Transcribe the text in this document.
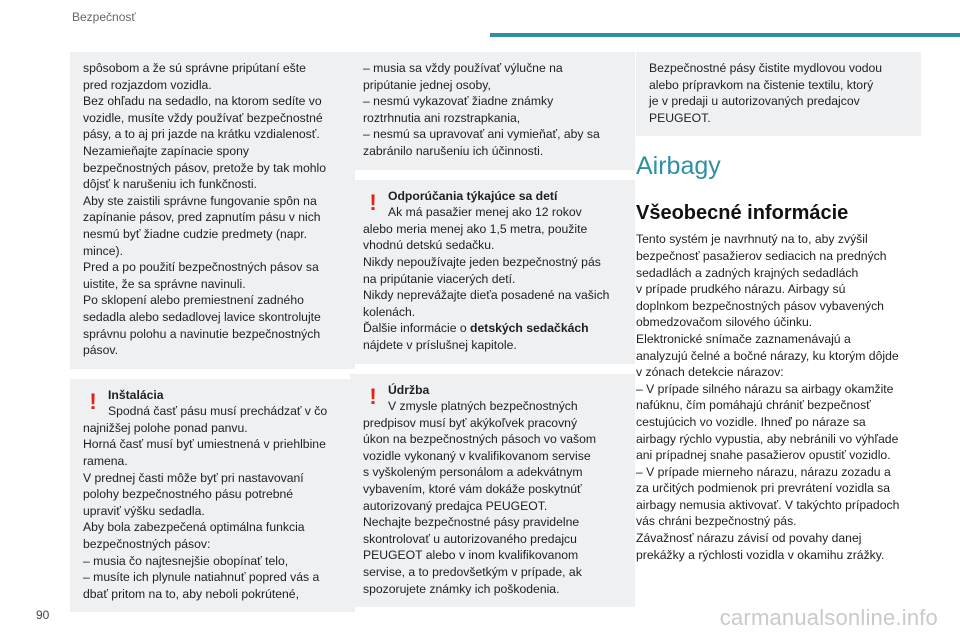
Bezpečnosť
spôsobom a že sú správne pripútaní ešte
pred rozjazdom vozidla.
Bez ohľadu na sedadlo, na ktorom sedíte vo
vozidle, musíte vždy používať bezpečnostné
pásy, a to aj pri jazde na krátku vzdialenosť.
Nezamieňajte zapínacie spony
bezpečnostných pásov, pretože by tak mohlo
dôjsť k narušeniu ich funkčnosti.
Aby ste zaistili správne fungovanie spôn na
zapínanie pásov, pred zapnutím pásu v nich
nesmú byť žiadne cudzie predmety (napr.
mince).
Pred a po použití bezpečnostných pásov sa
uistite, že sa správne navinuli.
Po sklopení alebo premiestnení zadného
sedadla alebo sedadlovej lavice skontrolujte
správnu polohu a navinutie bezpečnostných
pásov.
! Inštalácia
Spodná časť pásu musí prechádzať v čo
najnižšej polohe ponad panvu.
Horná časť musí byť umiestnená v priehlbine
ramena.
V prednej časti môže byť pri nastavovaní
polohy bezpečnostného pásu potrebné
upraviť výšku sedadla.
Aby bola zabezpečená optimálna funkcia
bezpečnostných pásov:
– musia čo najtesnejšie obopínať telo,
– musíte ich plynule natiahnuť popred vás a
dbať pritom na to, aby neboli pokrútené,
– musia sa vždy používať výlučne na
pripútanie jednej osoby,
– nesmú vykazovať žiadne známky
roztrhnutia ani rozstrapkania,
– nesmú sa upravovať ani vymieňať, aby sa
zabránilo narušeniu ich účinnosti.
! Odporúčania týkajúce sa detí
Ak má pasažier menej ako 12 rokov
alebo meria menej ako 1,5 metra, použite
vhodnú detskú sedačku.
Nikdy nepoužívajte jeden bezpečnostný pás
na pripútanie viacerých detí.
Nikdy neprevážajte dieťa posadené na vašich
kolenách.
Ďalšie informácie o detských sedačkách
nájdete v príslušnej kapitole.
! Údržba
V zmysle platných bezpečnostných
predpisov musí byť akýkoľvek pracovný
úkon na bezpečnostných pásoch vo vašom
vozidle vykonaný v kvalifikovanom servise
s vyškoleným personálom a adekvátnym
vybavením, ktoré vám dokáže poskytnúť
autorizovaný predajca PEUGEOT.
Nechajte bezpečnostné pásy pravidelne
skontrolovať u autorizovaného predajcu
PEUGEOT alebo v inom kvalifikovanom
servise, a to predovšetkým v prípade, ak
spozorujete známky ich poškodenia.
Bezpečnostné pásy čistite mydlovou vodou
alebo prípravkom na čistenie textilu, ktorý
je v predaji u autorizovaných predajcov
PEUGEOT.
Airbagy
Všeobecné informácie
Tento systém je navrhnutý na to, aby zvýšil
bezpečnosť pasažierov sediacich na predných
sedadlách a zadných krajných sedadlách
v prípade prudkého nárazu. Airbagy sú
doplnkom bezpečnostných pásov vybavených
obmedzovačom silového účinku.
Elektronické snímače zaznamenávajú a
analyzujú čelné a bočné nárazy, ku ktorým dôjde
v zónach detekcie nárazov:
– V prípade silného nárazu sa airbagy okamžite
nafúknu, čím pomáhajú chrániť bezpečnosť
cestujúcich vo vozidle. Ihneď po náraze sa
airbagy rýchlo vypustia, aby nebránili vo výhľade
ani prípadnej snahe pasažierov opustiť vozidlo.
– V prípade mierneho nárazu, nárazu zozadu a
za určitých podmienok pri prevrátení vozidla sa
airbagy nemusia aktivovať. V takýchto prípadoch
vás chráni bezpečnostný pás.
Závažnosť nárazu závisí od povahy danej
prekážky a rýchlosti vozidla v okamihu zrážky.
90	carmanualsonline.info
